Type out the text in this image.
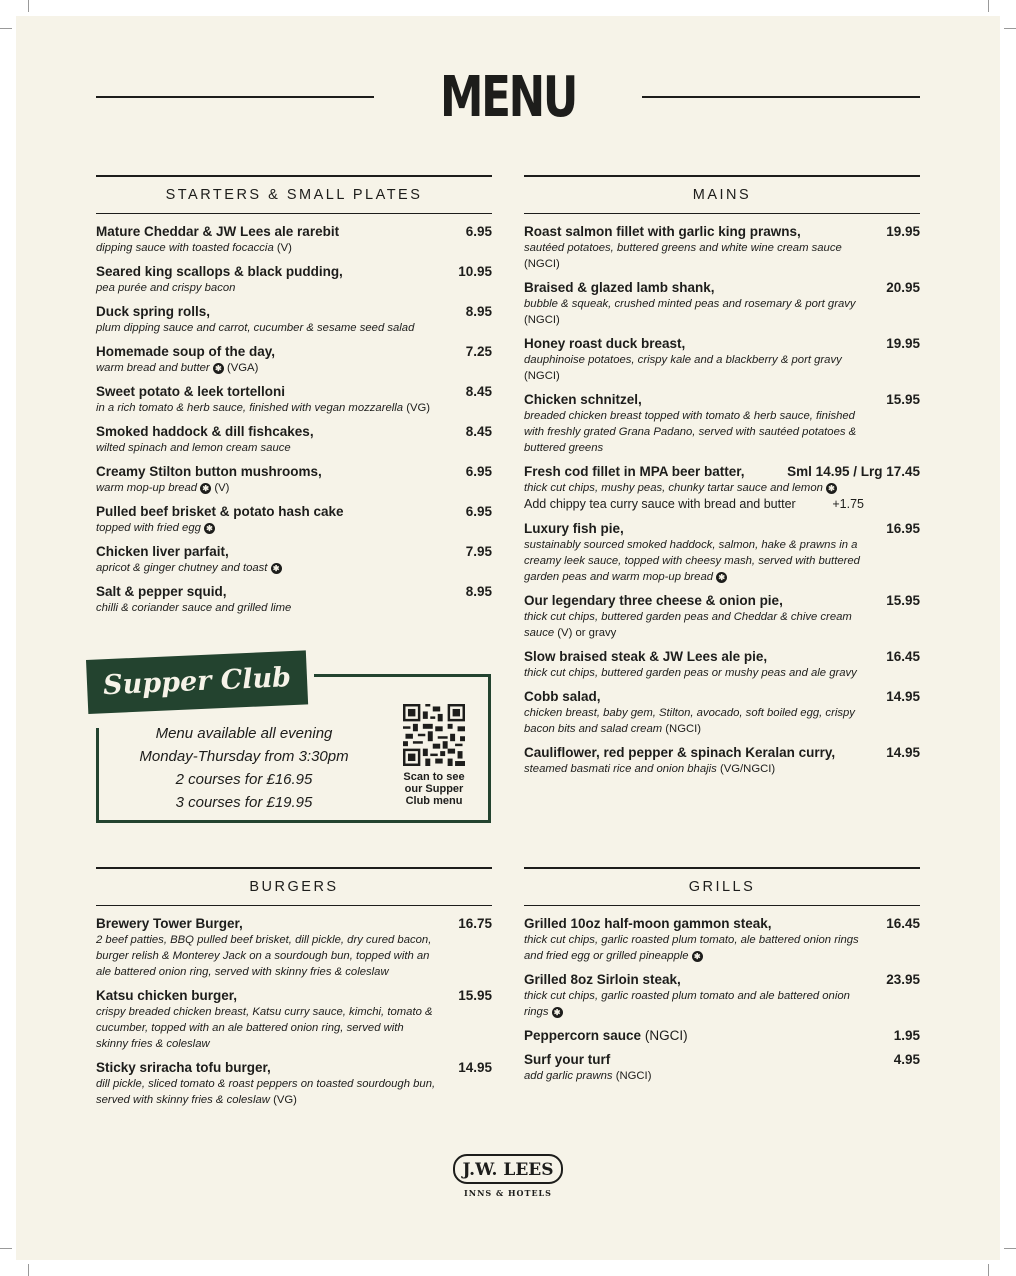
MENU
STARTERS & SMALL PLATES
Mature Cheddar & JW Lees ale rarebit	6.95
dipping sauce with toasted focaccia (V)
Seared king scallops & black pudding,	10.95
pea purée and crispy bacon
Duck spring rolls,	8.95
plum dipping sauce and carrot, cucumber & sesame seed salad
Homemade soup of the day,	7.25
warm bread and butter ✱ (VGA)
Sweet potato & leek tortelloni	8.45
in a rich tomato & herb sauce, finished with vegan mozzarella (VG)
Smoked haddock & dill fishcakes,	8.45
wilted spinach and lemon cream sauce
Creamy Stilton button mushrooms,	6.95
warm mop-up bread ✱ (V)
Pulled beef brisket & potato hash cake	6.95
topped with fried egg ✱
Chicken liver parfait,	7.95
apricot & ginger chutney and toast ✱
Salt & pepper squid,	8.95
chilli & coriander sauce and grilled lime
MAINS
Roast salmon fillet with garlic king prawns,	19.95
sautéed potatoes, buttered greens and white wine cream sauce (NGCI)
Braised & glazed lamb shank,	20.95
bubble & squeak, crushed minted peas and rosemary & port gravy (NGCI)
Honey roast duck breast,	19.95
dauphinoise potatoes, crispy kale and a blackberry & port gravy (NGCI)
Chicken schnitzel,	15.95
breaded chicken breast topped with tomato & herb sauce, finished with freshly grated Grana Padano, served with sautéed potatoes & buttered greens
Fresh cod fillet in MPA beer batter,	Sml 14.95 / Lrg 17.45
thick cut chips, mushy peas, chunky tartar sauce and lemon ✱
Add chippy tea curry sauce with bread and butter	+1.75
Luxury fish pie,	16.95
sustainably sourced smoked haddock, salmon, hake & prawns in a creamy leek sauce, topped with cheesy mash, served with buttered garden peas and warm mop-up bread ✱
Our legendary three cheese & onion pie,	15.95
thick cut chips, buttered garden peas and Cheddar & chive cream sauce (V) or gravy
Slow braised steak & JW Lees ale pie,	16.45
thick cut chips, buttered garden peas or mushy peas and ale gravy
Cobb salad,	14.95
chicken breast, baby gem, Stilton, avocado, soft boiled egg, crispy bacon bits and salad cream (NGCI)
Cauliflower, red pepper & spinach Keralan curry,	14.95
steamed basmati rice and onion bhajis (VG/NGCI)
Supper Club
Menu available all evening
Monday-Thursday from 3:30pm
2 courses for £16.95
3 courses for £19.95
Scan to see our Supper Club menu
BURGERS
Brewery Tower Burger,	16.75
2 beef patties, BBQ pulled beef brisket, dill pickle, dry cured bacon, burger relish & Monterey Jack on a sourdough bun, topped with an ale battered onion ring, served with skinny fries & coleslaw
Katsu chicken burger,	15.95
crispy breaded chicken breast, Katsu curry sauce, kimchi, tomato & cucumber, topped with an ale battered onion ring, served with skinny fries & coleslaw
Sticky sriracha tofu burger,	14.95
dill pickle, sliced tomato & roast peppers on toasted sourdough bun, served with skinny fries & coleslaw (VG)
GRILLS
Grilled 10oz half-moon gammon steak,	16.45
thick cut chips, garlic roasted plum tomato, ale battered onion rings and fried egg or grilled pineapple ✱
Grilled 8oz Sirloin steak,	23.95
thick cut chips, garlic roasted plum tomato and ale battered onion rings ✱
Peppercorn sauce (NGCI)	1.95
Surf your turf	4.95
add garlic prawns (NGCI)
J.W. LEES
INNS & HOTELS
